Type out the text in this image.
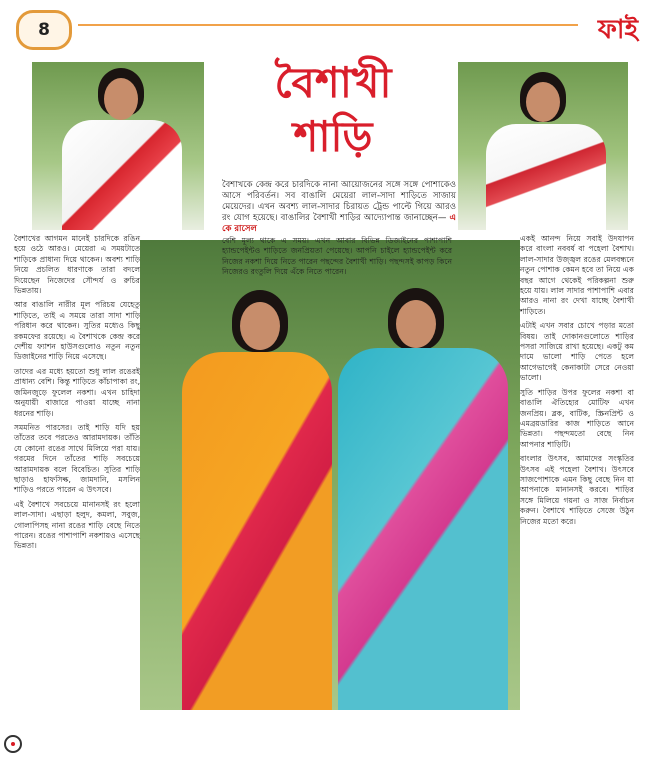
8	ফাই
বৈশাখী
শাড়ি
বৈশাখকে কেন্দ্র করে চারদিকে নানা আয়োজনের সঙ্গে সঙ্গে পোশাকেও আসে পরিবর্তন। সব বাঙালি মেয়েরা লাল-সাদা শাড়িতে সাজায় মেয়েদের। এখন অবশ্য লাল-সাদার চিরায়ত ট্রেন্ড পাল্টে গিয়ে আরও রং যোগ হয়েছে। বাঙালির বৈশাখী শাড়ির আদ্যোপান্ত জানাচ্ছেন— এ কে রাসেল

বৈশাখের আগমন মানেই চারদিকে রঙিন হয়ে ওঠে আরও। মেয়েরা এ সময়টাতে শাড়িকে প্রাধান্য দিয়ে থাকেন। অবশ্য শাড়ি নিয়ে প্রচলিত ধারণাকে তারা বদলে দিয়েছেন নিজেদের সৌন্দর্য ও রুচির ভিন্নতায়।

আর বাঙালি নারীর মূল পরিচয় যেহেতু শাড়িতে, তাই এ সময়ে তারা সাদা শাড়ি পরিধান করে থাকেন। সুতির মধ্যেও কিছু রকমফের রয়েছে। এ বৈশাখকে কেন্দ্র করে দেশীয় ফ্যাশন হাউসগুলোও নতুন নতুন ডিজাইনের শাড়ি নিয়ে এসেছে।

তাদের এর মধ্যে হয়তো শুধু লাল রঙেরই প্রাধান্য বেশি। কিন্তু শাড়িতে কাঁচাপাকা রং, জমিনজুড়ে ফুলেল নকশা। এখন চাহিদা অনুযায়ী বাজারে পাওয়া যাচ্ছে নানা ধরনের শাড়ি।

সমমনিত পারসের। তাই শাড়ি যদি হয় তাঁতের তবে পরতেও আরামদায়ক। তাঁতি যে কোনো রঙের সাথে মিলিয়ে পরা যায়। গরমের দিনে তাঁতের শাড়ি সবচেয়ে আরামদায়ক বলে বিবেচিত। সুতির শাড়ি ছাড়াও হাফসিল্ক, জামদানি, মসলিন শাড়িও পরতে পারেন এ উৎসবে।

এই বৈশাখে সবচেয়ে মানানসই রং হলো লাল-সাদা। এছাড়া হলুদ, কমলা, সবুজ, গোলাপিসহ নানা রঙের শাড়ি বেছে নিতে পারেন। রঙের পাশাপাশি নকশায়ও এসেছে ভিন্নতা।

বেশি মূল্য থাকে এ সময়। এখন আবার বিভিন্ন ডিজাইনের পাশাপাশি হ্যান্ডপেইন্টও শাড়িতে জনপ্রিয়তা পেয়েছে। আপনি চাইলে হ্যান্ডপেইন্ট করে নিজের নকশা দিয়ে নিতে পারেন পছন্দের বৈশাখী শাড়ি। পছন্দসই কাপড় কিনে নিজেরও রংতুলি দিয়ে এঁকে নিতে পারেন।

একই আনন্দ নিয়ে সবাই উদযাপন করে বাংলা নববর্ষ বা পহেলা বৈশাখ। লাল-সাদার উজ্জ্বল রঙের মেলবন্ধনে নতুন পোশাক কেমন হবে তা নিয়ে এক বছর আগে থেকেই পরিকল্পনা শুরু হয়ে যায়। লাল সাদার পাশাপাশি এবার আরও নানা রং দেখা যাচ্ছে বৈশাখী শাড়িতে।

এটাই এখন সবার চোখে পড়ার মতো বিষয়। তাই দোকানগুলোতে শাড়ির পসরা সাজিয়ে রাখা হয়েছে। একটু কম দামে ভালো শাড়ি পেতে হলে আগেভাগেই কেনাকাটা সেরে নেওয়া ভালো।

সুতি শাড়ির উপর ফুলের নকশা বা বাঙালি ঐতিহ্যের মোটিফ এখন জনপ্রিয়। ব্লক, বাটিক, স্ক্রিনপ্রিন্ট ও এমব্রয়ডারির কাজ শাড়িতে আনে ভিন্নতা। পছন্দমতো বেছে নিন আপনার শাড়িটি।

বাংলার উৎসব, আমাদের সংস্কৃতির উৎসব এই পহেলা বৈশাখ। উৎসবে সাজপোশাকে এমন কিছু বেছে নিন যা আপনাকে মানানসই করবে। শাড়ির সঙ্গে মিলিয়ে গয়না ও সাজ নির্বাচন করুন। বৈশাখে শাড়িতে সেজে উঠুন নিজের মতো করে।
